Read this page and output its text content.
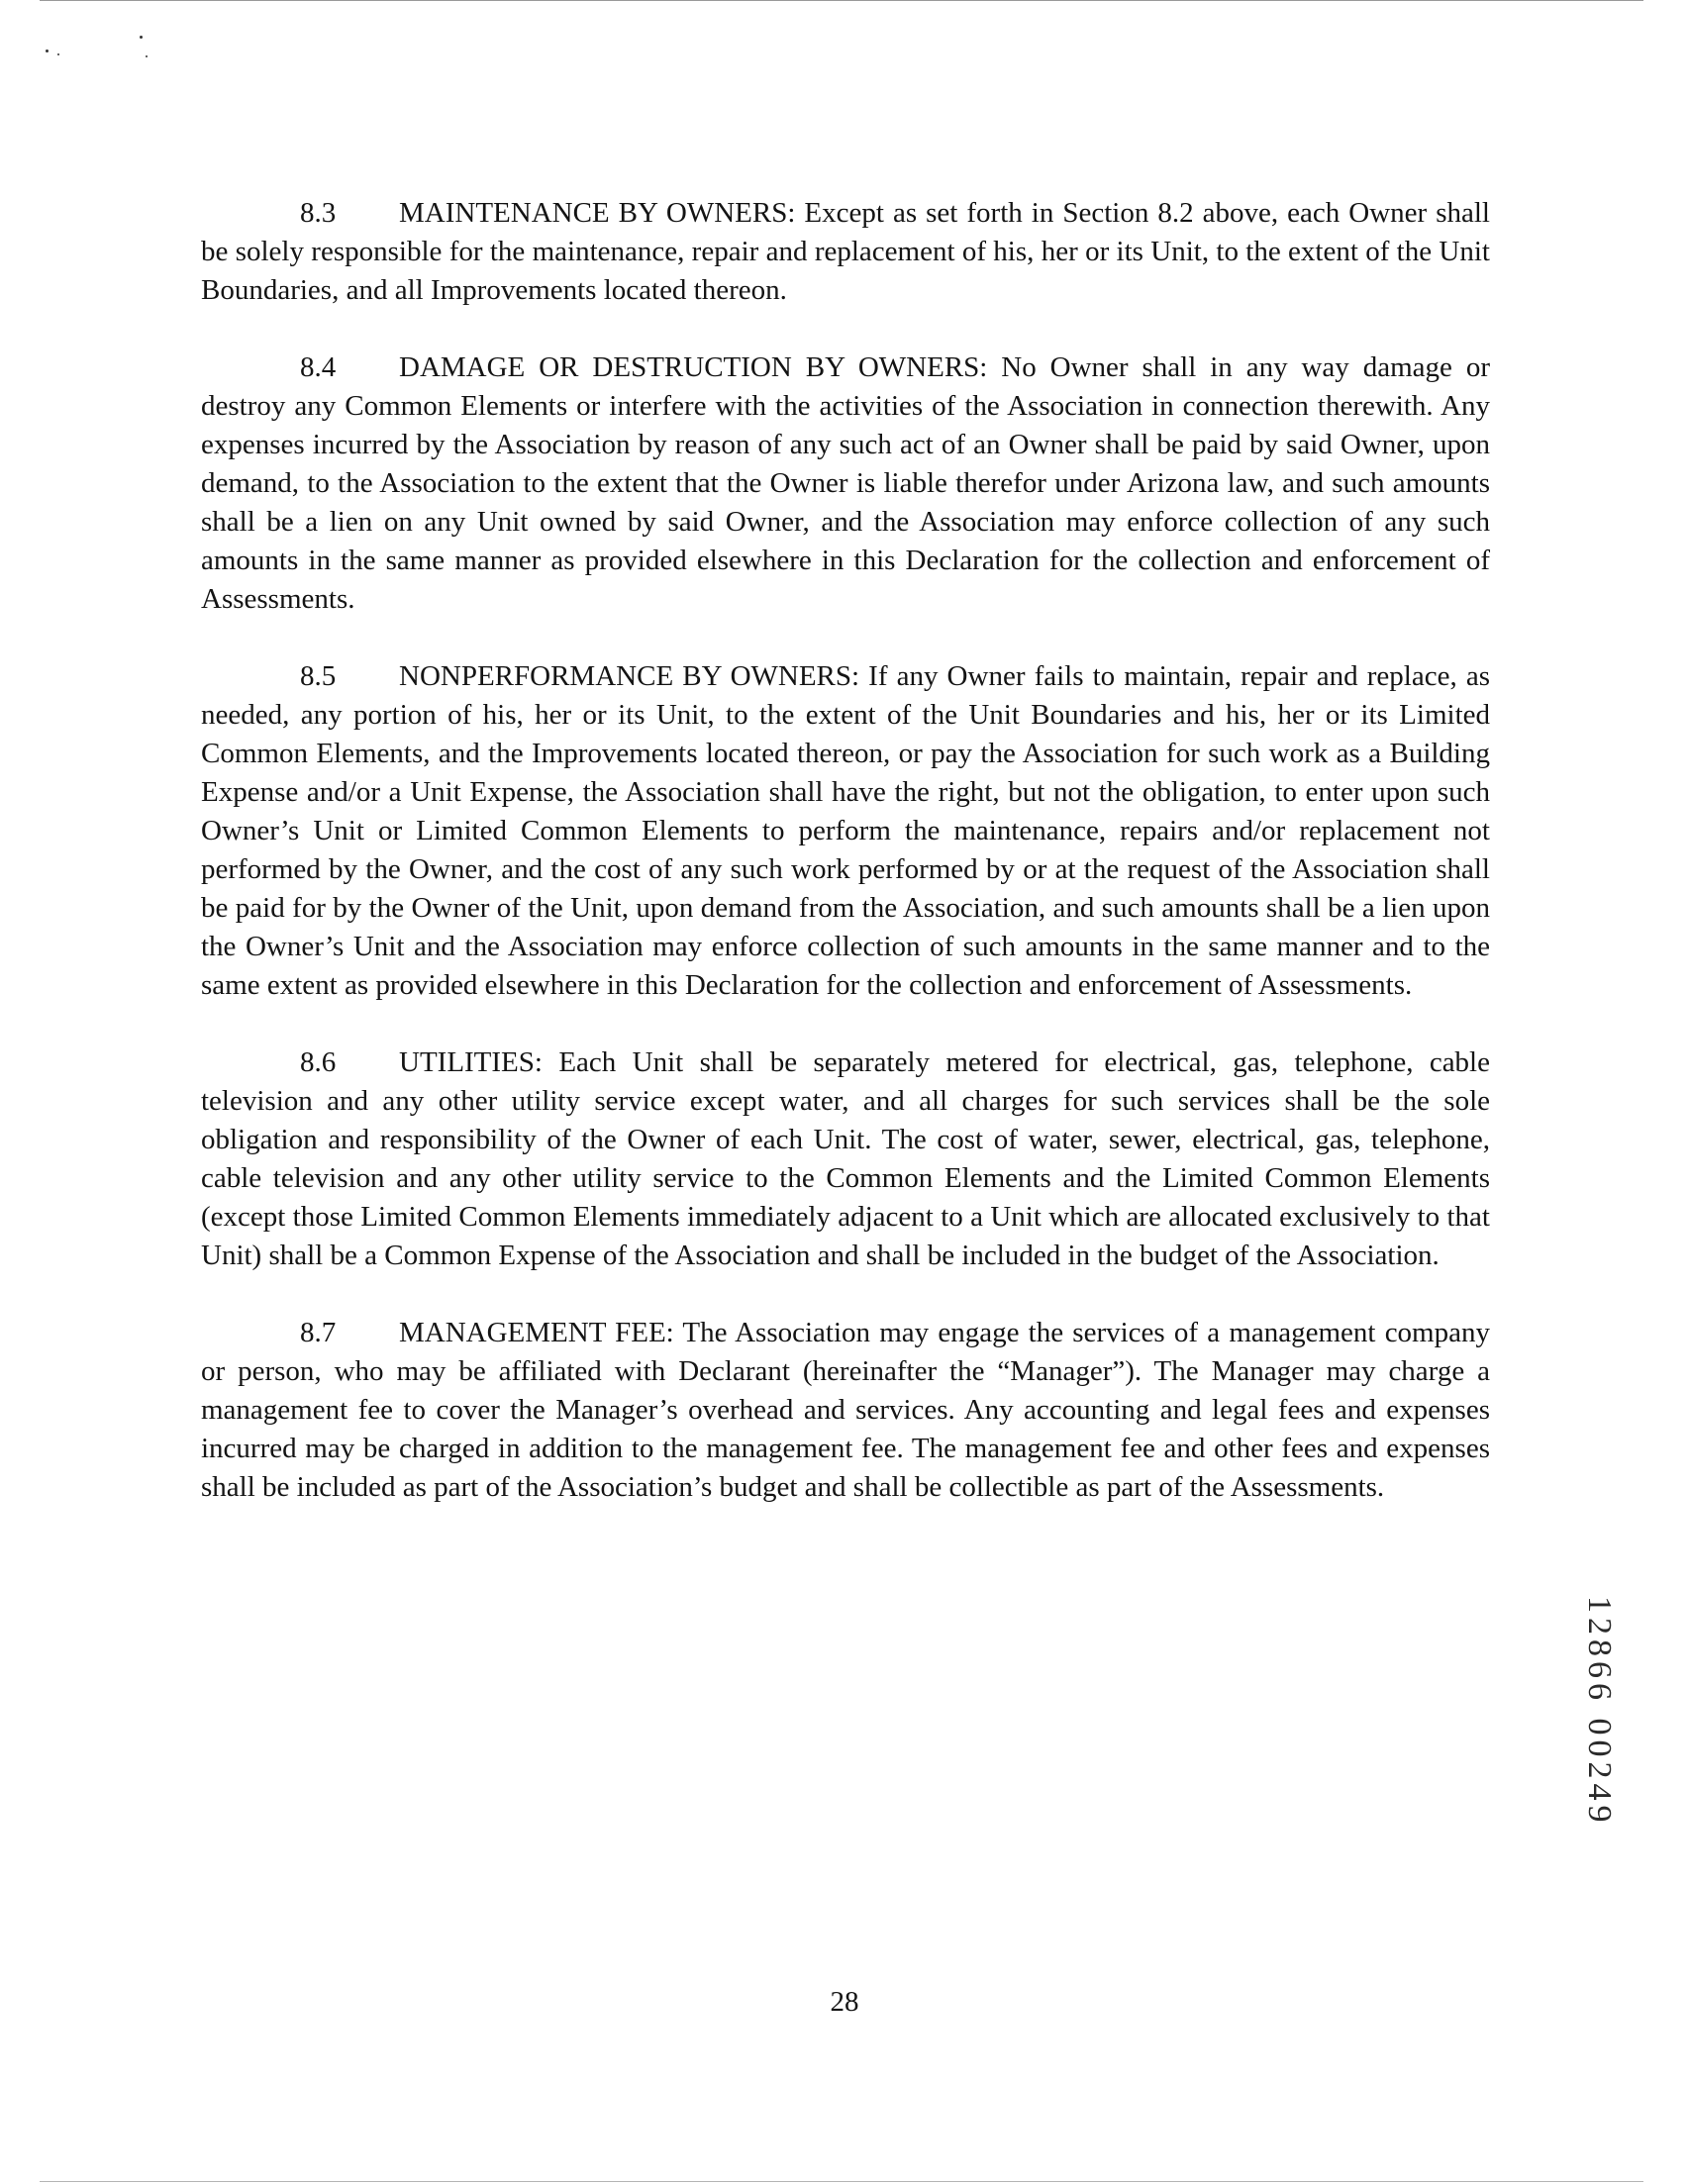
8.3 MAINTENANCE BY OWNERS: Except as set forth in Section 8.2 above, each Owner shall be solely responsible for the maintenance, repair and replacement of his, her or its Unit, to the extent of the Unit Boundaries, and all Improvements located thereon.

8.4 DAMAGE OR DESTRUCTION BY OWNERS: No Owner shall in any way damage or destroy any Common Elements or interfere with the activities of the Association in connection therewith. Any expenses incurred by the Association by reason of any such act of an Owner shall be paid by said Owner, upon demand, to the Association to the extent that the Owner is liable therefor under Arizona law, and such amounts shall be a lien on any Unit owned by said Owner, and the Association may enforce collection of any such amounts in the same manner as provided elsewhere in this Declaration for the collection and enforcement of Assessments.

8.5 NONPERFORMANCE BY OWNERS: If any Owner fails to maintain, repair and replace, as needed, any portion of his, her or its Unit, to the extent of the Unit Boundaries and his, her or its Limited Common Elements, and the Improvements located thereon, or pay the Association for such work as a Building Expense and/or a Unit Expense, the Association shall have the right, but not the obligation, to enter upon such Owner’s Unit or Limited Common Elements to perform the maintenance, repairs and/or replacement not performed by the Owner, and the cost of any such work performed by or at the request of the Association shall be paid for by the Owner of the Unit, upon demand from the Association, and such amounts shall be a lien upon the Owner’s Unit and the Association may enforce collection of such amounts in the same manner and to the same extent as provided elsewhere in this Declaration for the collection and enforcement of Assessments.

8.6 UTILITIES: Each Unit shall be separately metered for electrical, gas, telephone, cable television and any other utility service except water, and all charges for such services shall be the sole obligation and responsibility of the Owner of each Unit. The cost of water, sewer, electrical, gas, telephone, cable television and any other utility service to the Common Elements and the Limited Common Elements (except those Limited Common Elements immediately adjacent to a Unit which are allocated exclusively to that Unit) shall be a Common Expense of the Association and shall be included in the budget of the Association.

8.7 MANAGEMENT FEE: The Association may engage the services of a management company or person, who may be affiliated with Declarant (hereinafter the “Manager”). The Manager may charge a management fee to cover the Manager’s overhead and services. Any accounting and legal fees and expenses incurred may be charged in addition to the management fee. The management fee and other fees and expenses shall be included as part of the Association’s budget and shall be collectible as part of the Assessments.

12866 00249
28
